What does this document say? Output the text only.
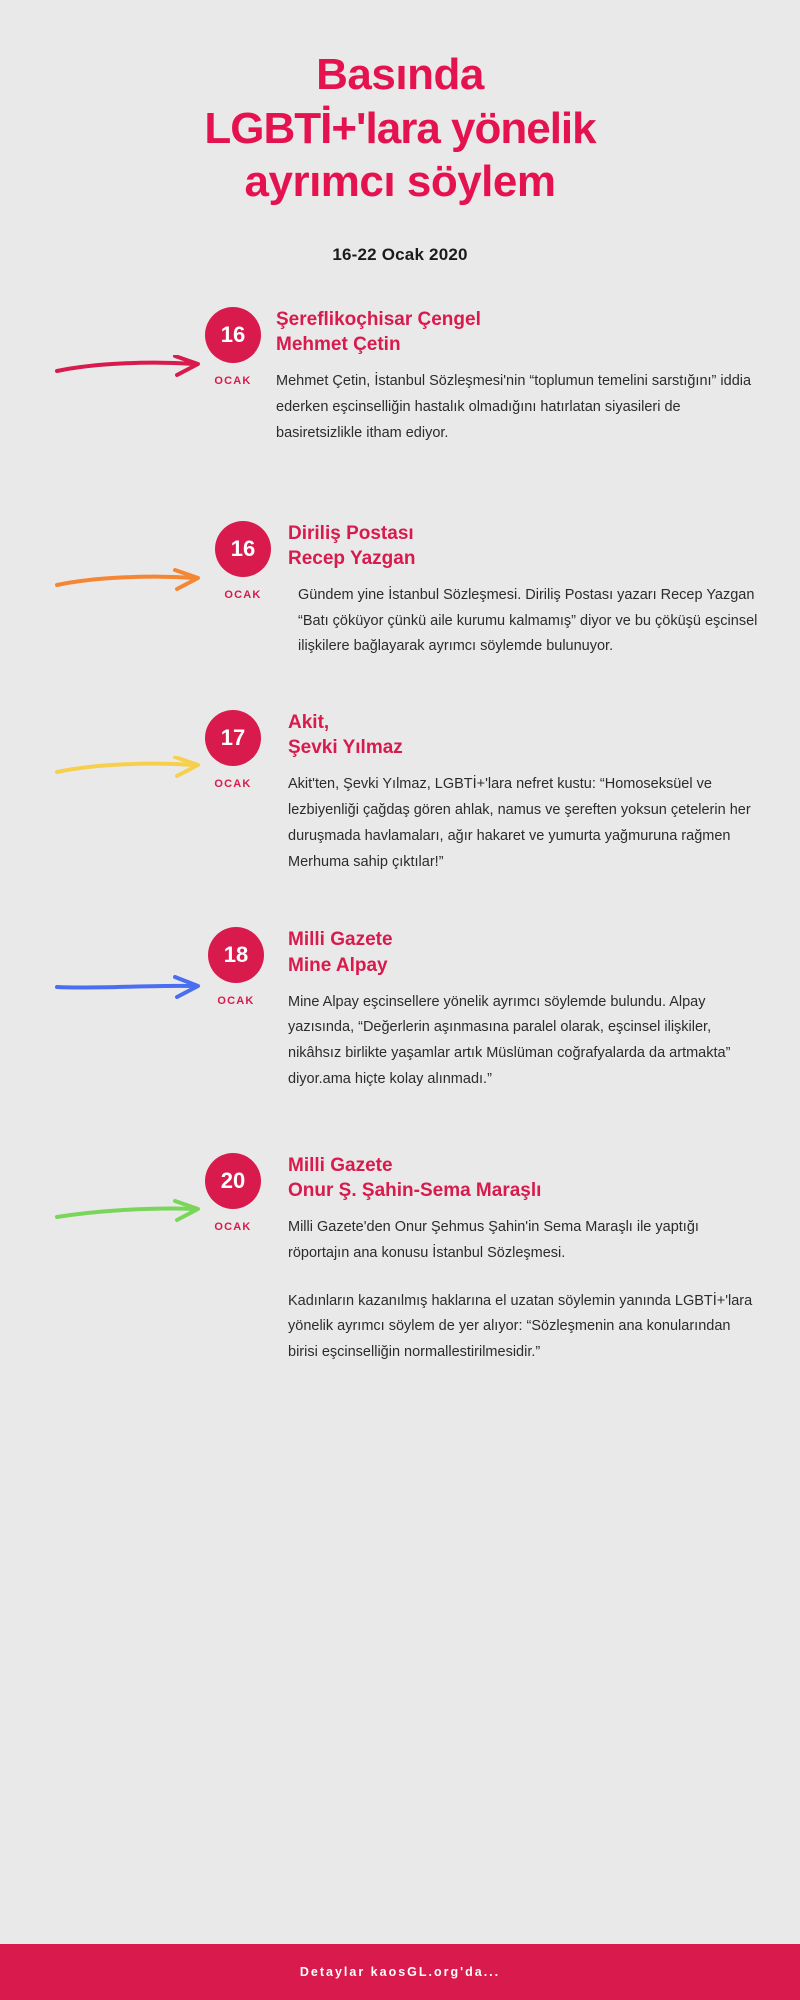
Basında
LGBTİ+'lara yönelik
ayrımcı söylem
16-22 Ocak 2020
16
OCAK
Şereflikoçhisar Çengel
Mehmet Çetin

Mehmet Çetin, İstanbul Sözleşmesi'nin “toplumun temelini sarstığını” iddia ederken eşcinselliğin hastalık olmadığını hatırlatan siyasileri de basiretsizlikle itham ediyor.

16
OCAK
Diriliş Postası
Recep Yazgan

Gündem yine İstanbul Sözleşmesi. Diriliş Postası yazarı Recep Yazgan “Batı çöküyor çünkü aile kurumu kalmamış” diyor ve bu çöküşü eşcinsel ilişkilere bağlayarak ayrımcı söylemde bulunuyor.

17
OCAK
Akit,
Şevki Yılmaz

Akit'ten, Şevki Yılmaz, LGBTİ+'lara nefret kustu: “Homoseksüel ve lezbiyenliği çağdaş gören ahlak, namus ve şereften yoksun çetelerin her duruşmada havlamaları, ağır hakaret ve yumurta yağmuruna rağmen Merhuma sahip çıktılar!”

18
OCAK
Milli Gazete
Mine Alpay

Mine Alpay eşcinsellere yönelik ayrımcı söylemde bulundu. Alpay yazısında, “Değerlerin aşınmasına paralel olarak, eşcinsel ilişkiler, nikâhsız birlikte yaşamlar artık Müslüman coğrafyalarda da artmakta” diyor.ama hiçte kolay alınmadı.”

20
OCAK
Milli Gazete
Onur Ş. Şahin-Sema Maraşlı

Milli Gazete'den Onur Şehmus Şahin'in Sema Maraşlı ile yaptığı röportajın ana konusu İstanbul Sözleşmesi.

Kadınların kazanılmış haklarına el uzatan söylemin yanında LGBTİ+'lara yönelik ayrımcı söylem de yer alıyor: “Sözleşmenin ana konularından birisi eşcinselliğin normallestirilmesidir.”

Detaylar kaosGL.org'da...
